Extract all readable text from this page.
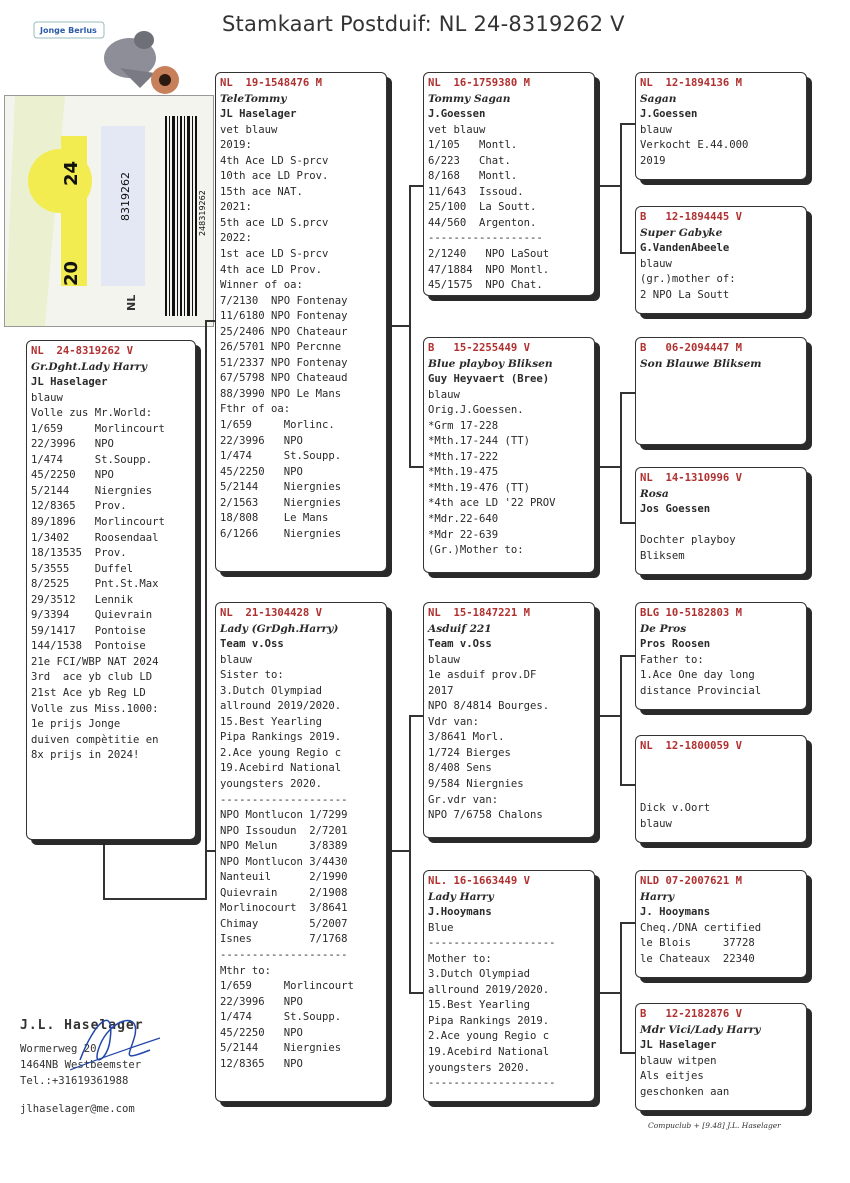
Stamkaart Postduif: NL 24-8319262 V
Jonge Berlus
20
24
NL
8319262	248319262
NL  24-8319262 V
Gr.Dght.Lady Harry
JL Haselager
blauw
Volle zus Mr.World:
1/659     Morlincourt
22/3996   NPO
1/474     St.Soupp.
45/2250   NPO
5/2144    Niergnies
12/8365   Prov.
89/1896   Morlincourt
1/3402    Roosendaal
18/13535  Prov.
5/3555    Duffel
8/2525    Pnt.St.Max
29/3512   Lennik
9/3394    Quievrain
59/1417   Pontoise
144/1538  Pontoise
21e FCI/WBP NAT 2024
3rd  ace yb club LD
21st Ace yb Reg LD
Volle zus Miss.1000:
1e prijs Jonge
duiven compètitie en
8x prijs in 2024!
NL  19-1548476 M
TeleTommy
JL Haselager
vet blauw
2019:
4th Ace LD S-prcv
10th ace LD Prov.
15th ace NAT.
2021:
5th ace LD S.prcv
2022:
1st ace LD S-prcv
4th ace LD Prov.
Winner of oa:
7/2130  NPO Fontenay
11/6180 NPO Fontenay
25/2406 NPO Chateaur
26/5701 NPO Percnne
51/2337 NPO Fontenay
67/5798 NPO Chateaud
88/3990 NPO Le Mans
Fthr of oa:
1/659     Morlinc.
22/3996   NPO
1/474     St.Soupp.
45/2250   NPO
5/2144    Niergnies
2/1563    Niergnies
18/808    Le Mans
6/1266    Niergnies
NL  21-1304428 V
Lady (GrDgh.Harry)
Team v.Oss
blauw
Sister to:
3.Dutch Olympiad
allround 2019/2020.
15.Best Yearling
Pipa Rankings 2019.
2.Ace young Regio c
19.Acebird National
youngsters 2020.
--------------------
NPO Montlucon 1/7299
NPO Issoudun  2/7201
NPO Melun     3/8389
NPO Montlucon 3/4430
Nanteuil      2/1990
Quievrain     2/1908
Morlinocourt  3/8641
Chimay        5/2007
Isnes         7/1768
--------------------
Mthr to:
1/659     Morlincourt
22/3996   NPO
1/474     St.Soupp.
45/2250   NPO
5/2144    Niergnies
12/8365   NPO
NL  16-1759380 M
Tommy Sagan
J.Goessen
vet blauw
1/105   Montl.
6/223   Chat.
8/168   Montl.
11/643  Issoud.
25/100  La Soutt.
44/560  Argenton.
------------------
2/1240   NPO LaSout
47/1884  NPO Montl.
45/1575  NPO Chat.
B   15-2255449 V
Blue playboy Bliksen
Guy Heyvaert (Bree)
blauw
Orig.J.Goessen.
*Grm 17-228
*Mth.17-244 (TT)
*Mth.17-222
*Mth.19-475
*Mth.19-476 (TT)
*4th ace LD '22 PROV
*Mdr.22-640
*Mdr 22-639
(Gr.)Mother to:
NL  15-1847221 M
Asduif 221
Team v.Oss
blauw
1e asduif prov.DF
2017
NPO 8/4814 Bourges.
Vdr van:
3/8641 Morl.
1/724 Bierges
8/408 Sens
9/584 Niergnies
Gr.vdr van:
NPO 7/6758 Chalons
NL. 16-1663449 V
Lady Harry
J.Hooymans
Blue
--------------------
Mother to:
3.Dutch Olympiad
allround 2019/2020.
15.Best Yearling
Pipa Rankings 2019.
2.Ace young Regio c
19.Acebird National
youngsters 2020.
--------------------
NL  12-1894136 M
Sagan
J.Goessen
blauw
Verkocht E.44.000
2019
B   12-1894445 V
Super Gabyke
G.VandenAbeele
blauw
(gr.)mother of:
2 NPO La Soutt
B   06-2094447 M
Son Blauwe Bliksem
NL  14-1310996 V
Rosa
Jos Goessen
Dochter playboy
Bliksem
BLG 10-5182803 M
De Pros
Pros Roosen
Father to:
1.Ace One day long
distance Provincial
NL  12-1800059 V
Dick v.Oort
blauw
NLD 07-2007621 M
Harry
J. Hooymans
Cheq./DNA certified
le Blois     37728
le Chateaux  22340
B   12-2182876 V
Mdr Vici/Lady Harry
JL Haselager
blauw witpen
Als eitjes
geschonken aan
J.L. Haselager
Wormerweg 20
1464NB Westbeemster
Tel.:+31619361988
jlhaselager@me.com
Compuclub + [9.48] J.L. Haselager
